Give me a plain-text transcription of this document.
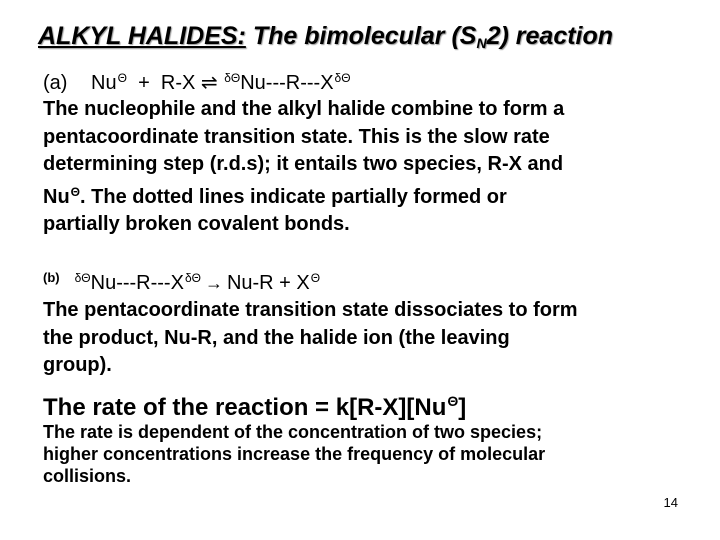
ALKYL HALIDES: The bimolecular $(S_N2)$ reaction
(a) $Nu^\Theta + R-X$ ⇌ $^{\delta\Theta}Nu---R---X^{\delta\Theta}$
The nucleophile and the alkyl halide combine to form a
pentacoordinate transition state. This is the slow rate
determining step (r.d.s); it entails two species, R-X and
$Nu^\Theta$. The dotted lines indicate partially formed or
partially broken covalent bonds.
$^{(b)}$ $^{\delta\Theta}Nu---R---X^{\delta\Theta} \to Nu-R + X^\Theta$
The pentacoordinate transition state dissociates to form
the product, Nu-R, and the halide ion (the leaving
group).
The rate of the reaction = $k[R-X][Nu^\Theta]$
The rate is dependent of the concentration of two species;
higher concentrations increase the frequency of molecular
collisions.
14
